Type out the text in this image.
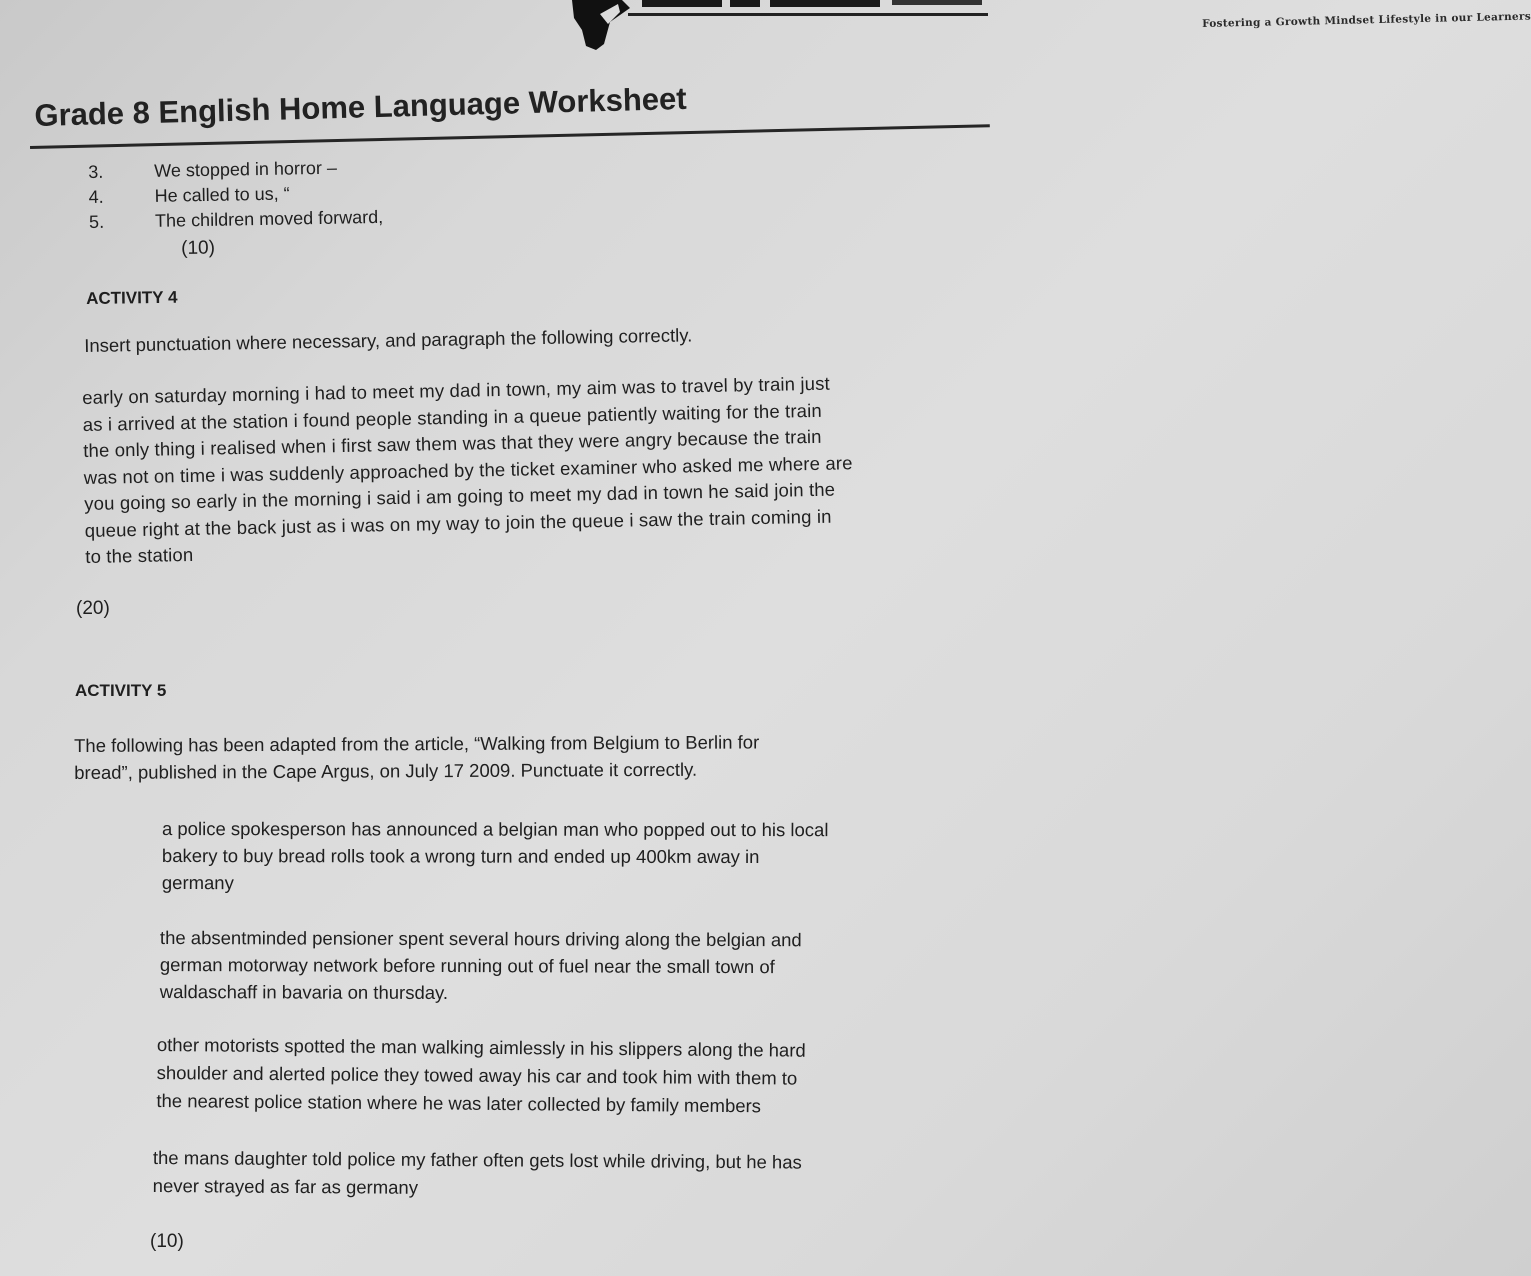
Fostering a Growth Mindset Lifestyle in our Learners
Grade 8 English Home Language Worksheet
3.	We stopped in horror –
4.	He called to us, “
5.	The children moved forward,
(10)
ACTIVITY 4
Insert punctuation where necessary, and paragraph the following correctly.
early on saturday morning i had to meet my dad in town, my aim was to travel by train just
as i arrived at the station i found people standing in a queue patiently waiting for the train
the only thing i realised when i first saw them was that they were angry because the train
was not on time i was suddenly approached by the ticket examiner who asked me where are
you going so early in the morning i said i am going to meet my dad in town he said join the
queue right at the back just as i was on my way to join the queue i saw the train coming in
to the station
(20)
ACTIVITY 5
The following has been adapted from the article, “Walking from Belgium to Berlin for
bread”, published in the Cape Argus, on July 17 2009. Punctuate it correctly.
a police spokesperson has announced a belgian man who popped out to his local
bakery to buy bread rolls took a wrong turn and ended up 400km away in
germany
the absentminded pensioner spent several hours driving along the belgian and
german motorway network before running out of fuel near the small town of
waldaschaff in bavaria on thursday.
other motorists spotted the man walking aimlessly in his slippers along the hard
shoulder and alerted police they towed away his car and took him with them to
the nearest police station where he was later collected by family members
the mans daughter told police my father often gets lost while driving, but he has
never strayed as far as germany
(10)
